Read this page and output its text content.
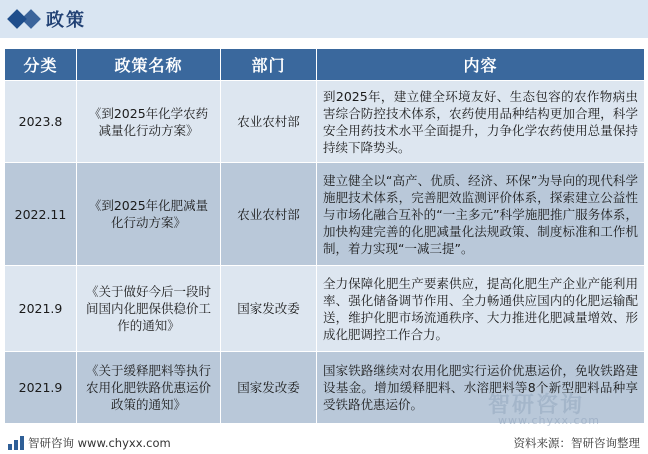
政策
分类	政策名称	部门	内容
2023.8	《到2025年化学农药减量化行动方案》	农业农村部	到2025年，建立健全环境友好、生态包容的农作物病虫害综合防控技术体系，农药使用品种结构更加合理，科学安全用药技术水平全面提升，力争化学农药使用总量保持持续下降势头。
2022.11	《到2025年化肥减量化行动方案》	农业农村部	建立健全以“高产、优质、经济、环保”为导向的现代科学施肥技术体系，完善肥效监测评价体系，探索建立公益性与市场化融合互补的“一主多元”科学施肥推广服务体系，加快构建完善的化肥减量化法规政策、制度标准和工作机制，着力实现“一减三提”。
2021.9	《关于做好今后一段时间国内化肥保供稳价工作的通知》	国家发改委	全力保障化肥生产要素供应，提高化肥生产企业产能利用率、强化储备调节作用、全力畅通供应国内的化肥运输配送，维护化肥市场流通秩序、大力推进化肥减量增效、形成化肥调控工作合力。
2021.9	《关于缓释肥料等执行农用化肥铁路优惠运价政策的通知》	国家发改委	国家铁路继续对农用化肥实行运价优惠运价，免收铁路建设基金。增加缓释肥料、水溶肥料等8个新型肥料品种享受铁路优惠运价。	智研咨询
www.chyxx.com
智研咨询 www.chyxx.com	资料来源：智研咨询整理
